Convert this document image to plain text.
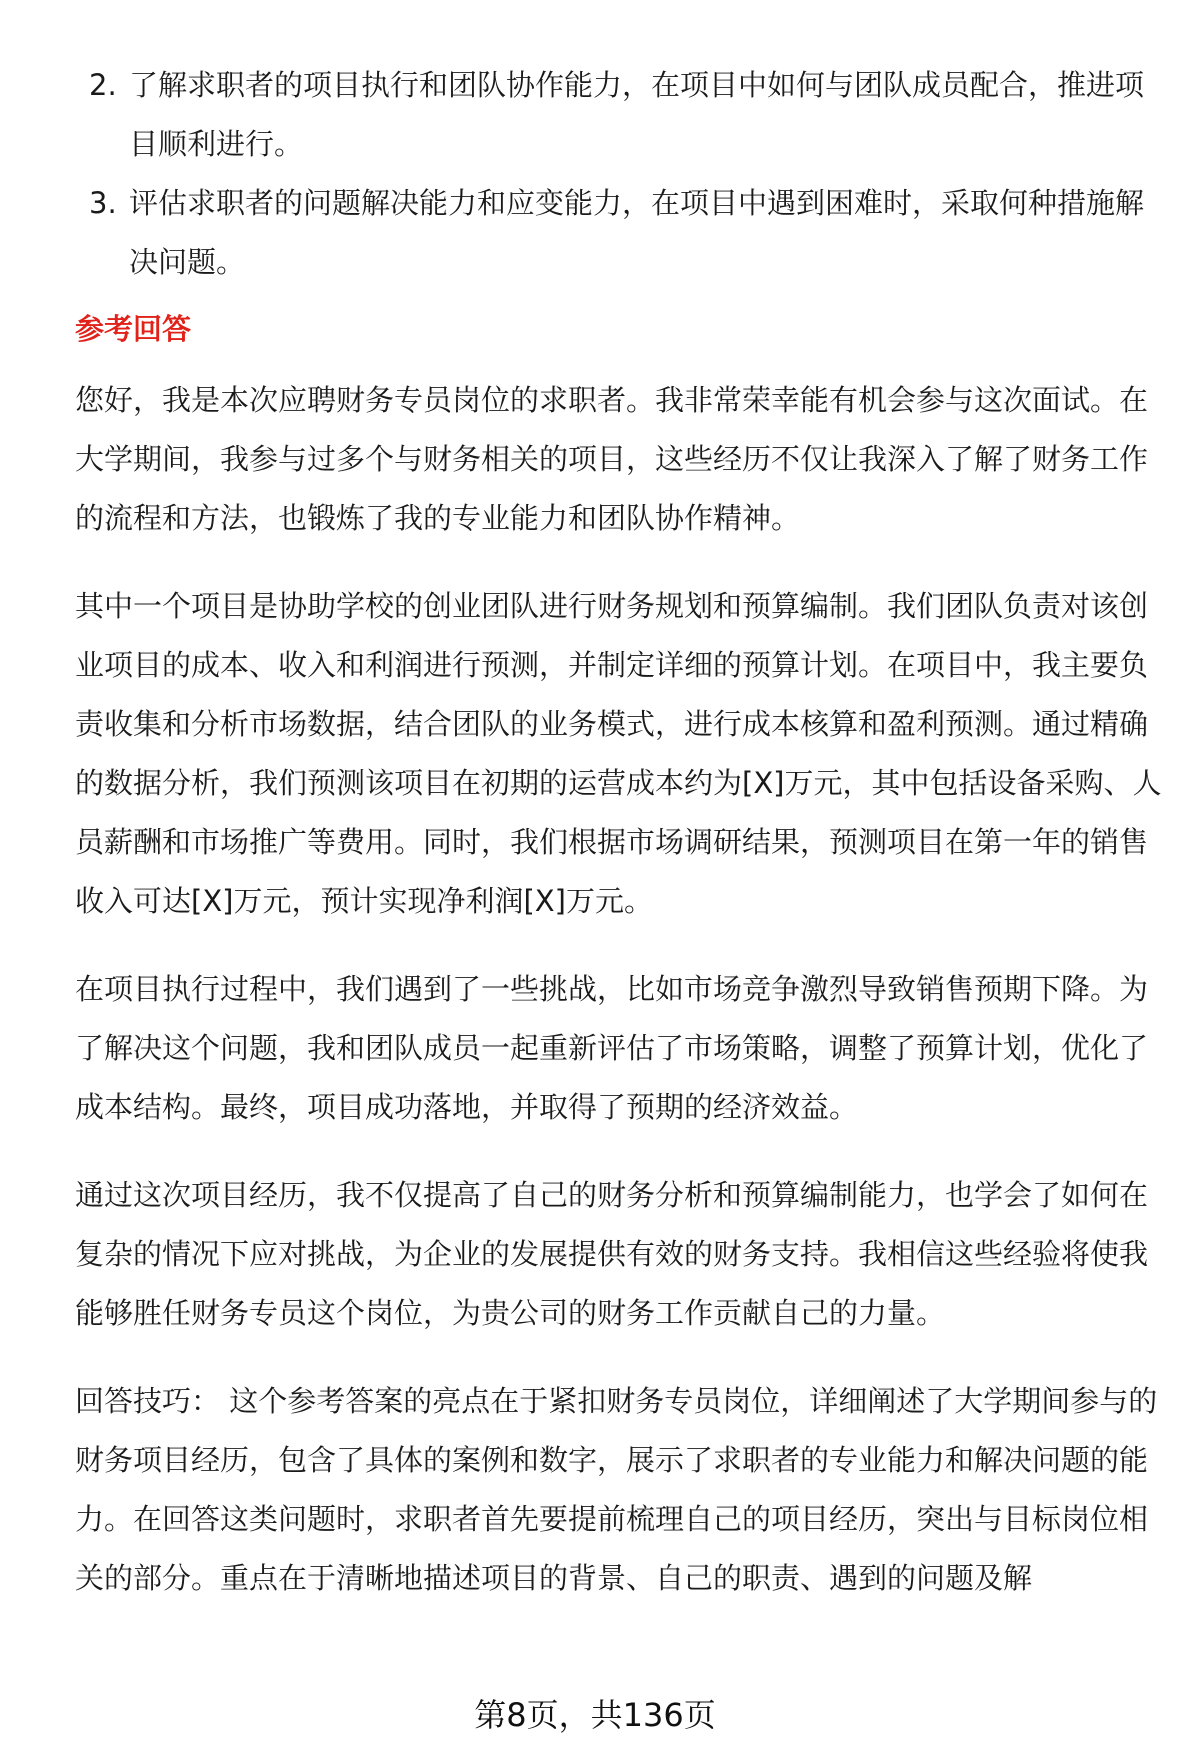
2. 了解求职者的项目执行和团队协作能力，在项目中如何与团队成员配合，推进项目顺利进行。
3. 评估求职者的问题解决能力和应变能力，在项目中遇到困难时，采取何种措施解决问题。
参考回答

您好，我是本次应聘财务专员岗位的求职者。我非常荣幸能有机会参与这次面试。在大学期间，我参与过多个与财务相关的项目，这些经历不仅让我深入了解了财务工作的流程和方法，也锻炼了我的专业能力和团队协作精神。

其中一个项目是协助学校的创业团队进行财务规划和预算编制。我们团队负责对该创业项目的成本、收入和利润进行预测，并制定详细的预算计划。在项目中，我主要负责收集和分析市场数据，结合团队的业务模式，进行成本核算和盈利预测。通过精确的数据分析，我们预测该项目在初期的运营成本约为[X]万元，其中包括设备采购、人员薪酬和市场推广等费用。同时，我们根据市场调研结果，预测项目在第一年的销售收入可达[X]万元，预计实现净利润[X]万元。

在项目执行过程中，我们遇到了一些挑战，比如市场竞争激烈导致销售预期下降。为了解决这个问题，我和团队成员一起重新评估了市场策略，调整了预算计划，优化了成本结构。最终，项目成功落地，并取得了预期的经济效益。

通过这次项目经历，我不仅提高了自己的财务分析和预算编制能力，也学会了如何在复杂的情况下应对挑战，为企业的发展提供有效的财务支持。我相信这些经验将使我能够胜任财务专员这个岗位，为贵公司的财务工作贡献自己的力量。

回答技巧： 这个参考答案的亮点在于紧扣财务专员岗位，详细阐述了大学期间参与的财务项目经历，包含了具体的案例和数字，展示了求职者的专业能力和解决问题的能力。在回答这类问题时，求职者首先要提前梳理自己的项目经历，突出与目标岗位相关的部分。重点在于清晰地描述项目的背景、自己的职责、遇到的问题及解

第8页，共136页
